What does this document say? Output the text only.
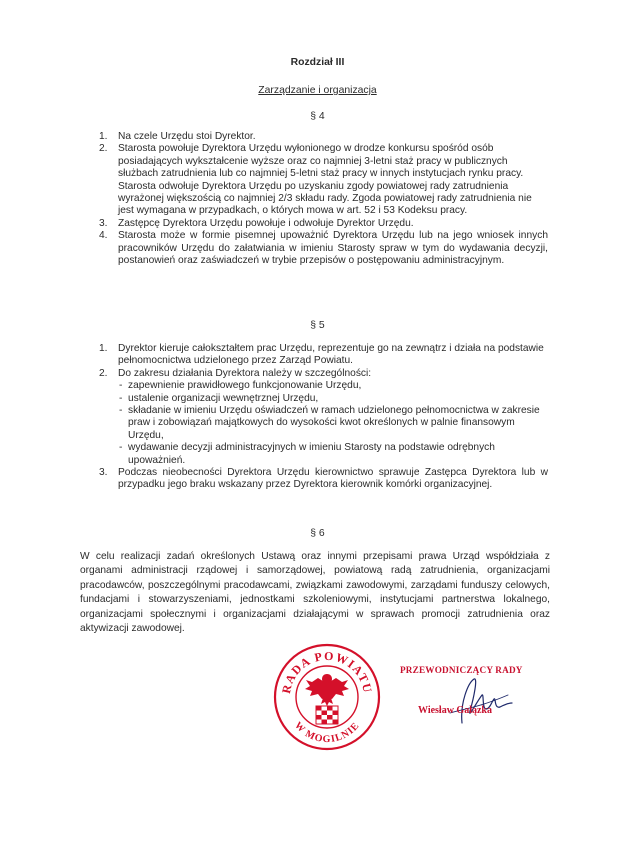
Rozdział III
Zarządzanie i organizacja
§ 4
1. Na czele Urzędu stoi Dyrektor.
2. Starosta powołuje Dyrektora Urzędu wyłonionego w drodze konkursu spośród osób posiadających wykształcenie wyższe oraz co najmniej 3-letni staż pracy w publicznych służbach zatrudnienia lub co najmniej 5-letni staż pracy w innych instytucjach rynku pracy. Starosta odwołuje Dyrektora Urzędu po uzyskaniu zgody powiatowej rady zatrudnienia wyrażonej większością co najmniej 2/3 składu rady. Zgoda powiatowej rady zatrudnienia nie jest wymagana w przypadkach, o których mowa w art. 52 i 53 Kodeksu pracy.
3. Zastępcę Dyrektora Urzędu powołuje i odwołuje Dyrektor Urzędu.
4. Starosta może w formie pisemnej upoważnić Dyrektora Urzędu lub na jego wniosek innych pracowników Urzędu do załatwiania w imieniu Starosty spraw w tym do wydawania decyzji, postanowień oraz zaświadczeń w trybie przepisów o postępowaniu administracyjnym.
§ 5
1. Dyrektor kieruje całokształtem prac Urzędu, reprezentuje go na zewnątrz i działa na podstawie pełnomocnictwa udzielonego przez Zarząd Powiatu.
2. Do zakresu działania Dyrektora należy w szczególności:
- zapewnienie prawidłowego funkcjonowanie Urzędu,
- ustalenie organizacji wewnętrznej Urzędu,
- składanie w imieniu Urzędu oświadczeń w ramach udzielonego pełnomocnictwa w zakresie praw i zobowiązań majątkowych do wysokości kwot określonych w palnie finansowym Urzędu,
- wydawanie decyzji administracyjnych w imieniu Starosty na podstawie odrębnych upoważnień.
3. Podczas nieobecności Dyrektora Urzędu kierownictwo sprawuje Zastępca Dyrektora lub w przypadku jego braku wskazany przez Dyrektora kierownik komórki organizacyjnej.
§ 6
W celu realizacji zadań określonych Ustawą oraz innymi przepisami prawa Urząd współdziała z organami administracji rządowej i samorządowej, powiatową radą zatrudnienia, organizacjami pracodawców, poszczególnymi pracodawcami, związkami zawodowymi, zarządami funduszy celowych, fundacjami i stowarzyszeniami, jednostkami szkoleniowymi, instytucjami partnerstwa lokalnego, organizacjami społecznymi i organizacjami działającymi w sprawach promocji zatrudnienia oraz aktywizacji zawodowej.
RADA POWIATU
W MOGILNIE
PRZEWODNICZĄCY RADY
Wiesław Gałązka
